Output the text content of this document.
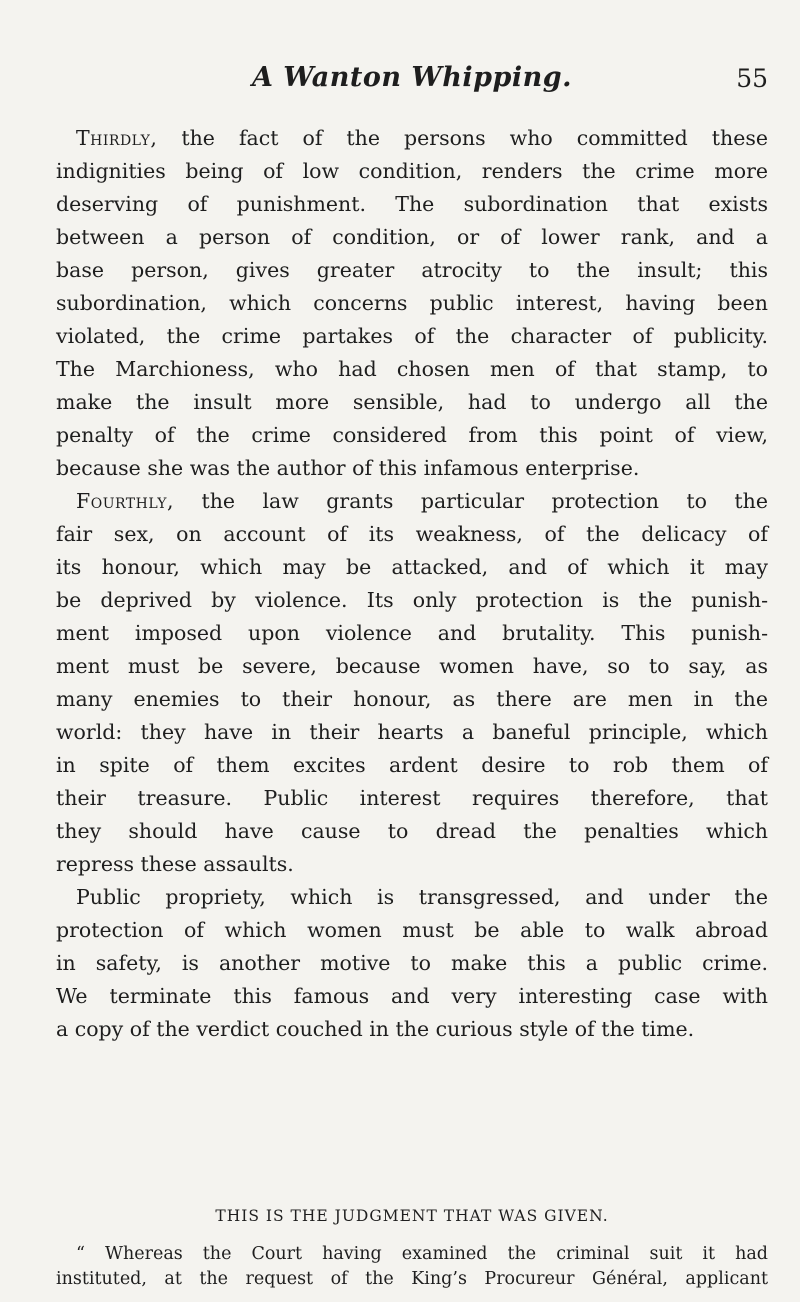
A Wanton Whipping.	55
Thirdly, the fact of the persons who committed these
indignities being of low condition, renders the crime more
deserving of punishment. The subordination that exists
between a person of condition, or of lower rank, and a
base person, gives greater atrocity to the insult; this
subordination, which concerns public interest, having been
violated, the crime partakes of the character of publicity.
The Marchioness, who had chosen men of that stamp, to
make the insult more sensible, had to undergo all the
penalty of the crime considered from this point of view,
because she was the author of this infamous enterprise.
Fourthly, the law grants particular protection to the
fair sex, on account of its weakness, of the delicacy of
its honour, which may be attacked, and of which it may
be deprived by violence. Its only protection is the punish-
ment imposed upon violence and brutality. This punish-
ment must be severe, because women have, so to say, as
many enemies to their honour, as there are men in the
world: they have in their hearts a baneful principle, which
in spite of them excites ardent desire to rob them of
their treasure. Public interest requires therefore, that
they should have cause to dread the penalties which
repress these assaults.
Public propriety, which is transgressed, and under the
protection of which women must be able to walk abroad
in safety, is another motive to make this a public crime.
We terminate this famous and very interesting case with
a copy of the verdict couched in the curious style of the time.
THIS IS THE JUDGMENT THAT WAS GIVEN.
“ Whereas the Court having examined the criminal suit it had
instituted, at the request of the King’s Procureur Général, applicant
